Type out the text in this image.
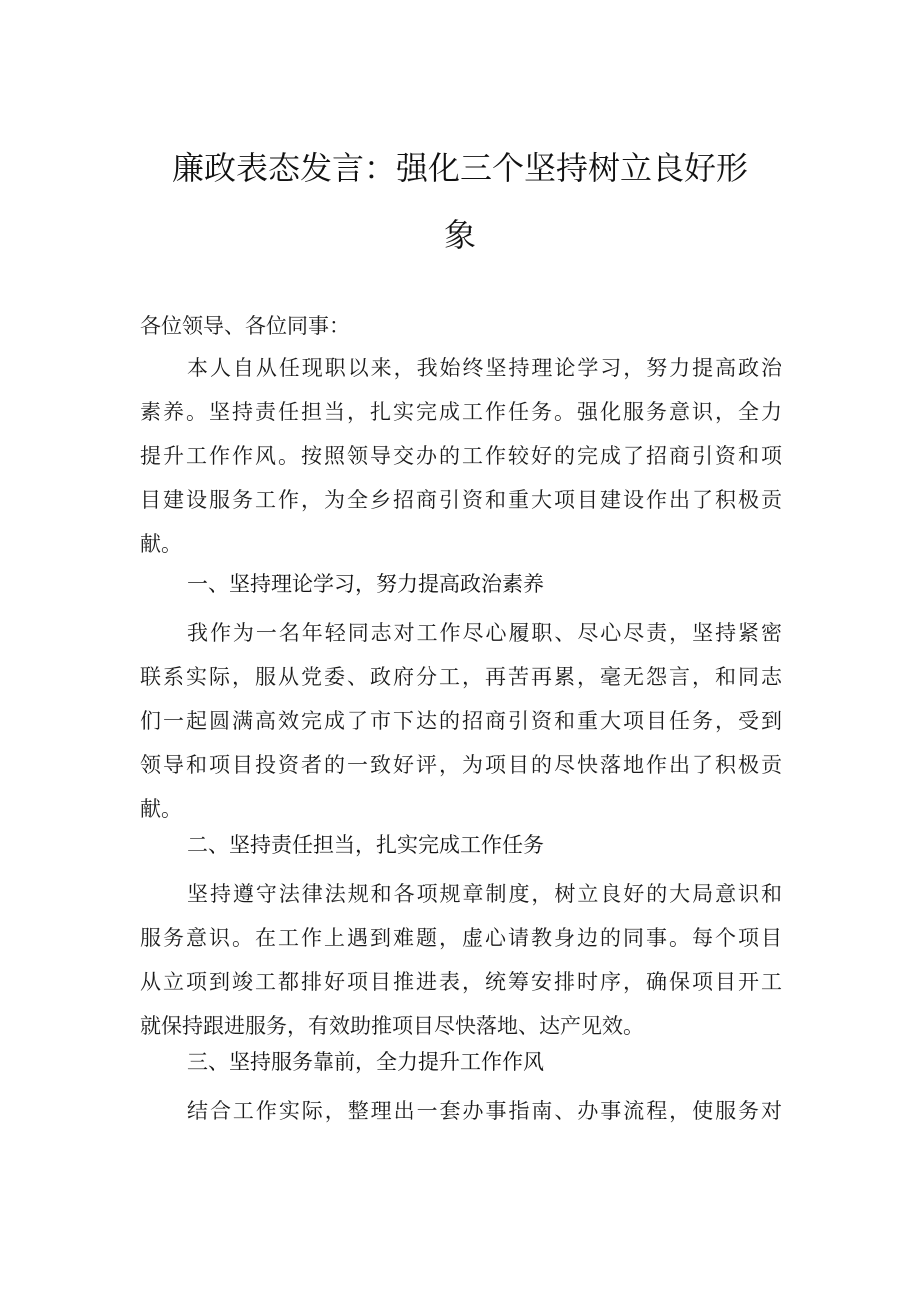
廉政表态发言：强化三个坚持树立良好形
象

各位领导、各位同事：

本人自从任现职以来，我始终坚持理论学习，努力提高政治
素养。坚持责任担当，扎实完成工作任务。强化服务意识，全力
提升工作作风。按照领导交办的工作较好的完成了招商引资和项
目建设服务工作，为全乡招商引资和重大项目建设作出了积极贡
献。
一、坚持理论学习，努力提高政治素养
我作为一名年轻同志对工作尽心履职、尽心尽责，坚持紧密
联系实际，服从党委、政府分工，再苦再累，毫无怨言，和同志
们一起圆满高效完成了市下达的招商引资和重大项目任务，受到
领导和项目投资者的一致好评，为项目的尽快落地作出了积极贡
献。
二、坚持责任担当，扎实完成工作任务
坚持遵守法律法规和各项规章制度，树立良好的大局意识和
服务意识。在工作上遇到难题，虚心请教身边的同事。每个项目
从立项到竣工都排好项目推进表，统筹安排时序，确保项目开工
就保持跟进服务，有效助推项目尽快落地、达产见效。
三、坚持服务靠前，全力提升工作作风
结合工作实际，整理出一套办事指南、办事流程，使服务对
